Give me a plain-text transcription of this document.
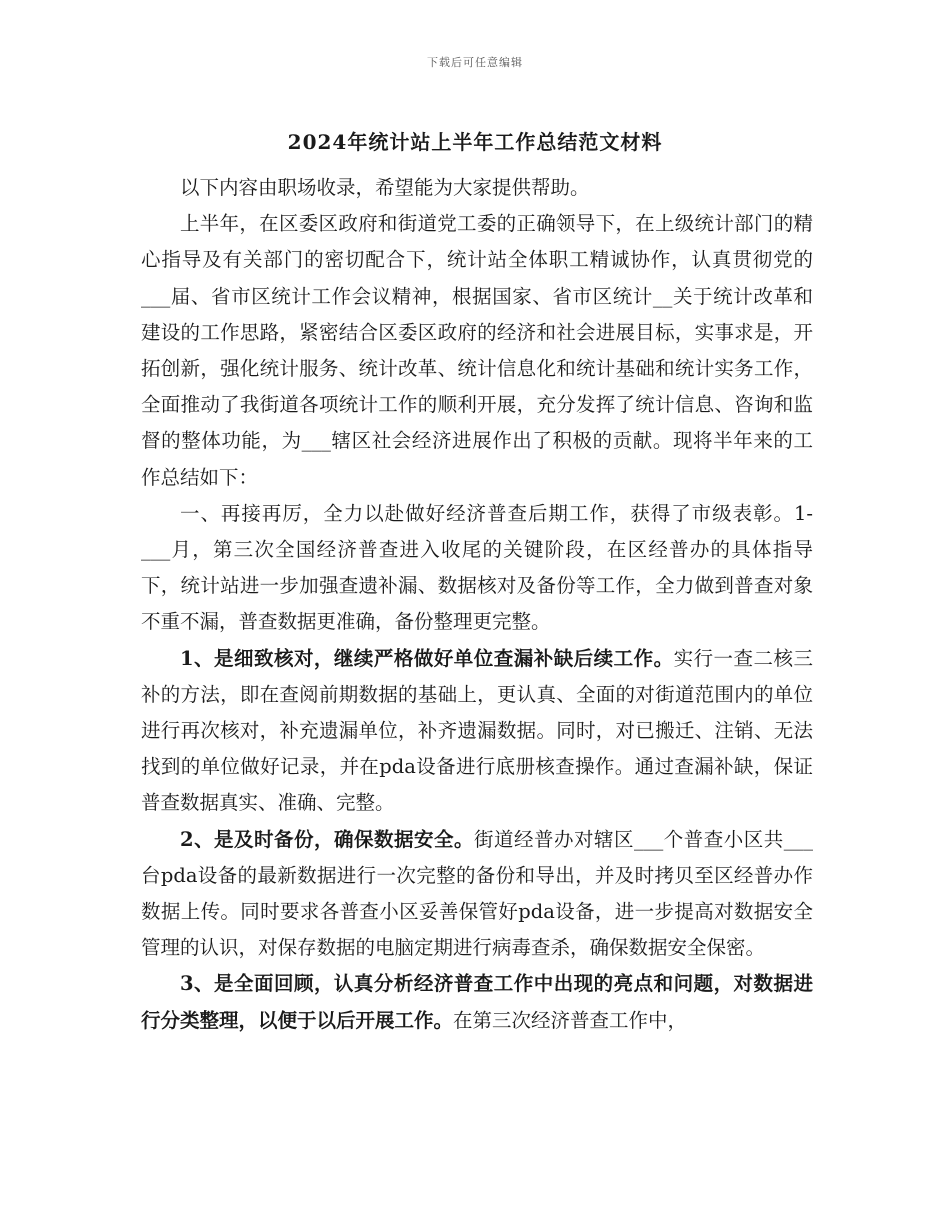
下载后可任意编辑
2024年统计站上半年工作总结范文材料

以下内容由职场收录，希望能为大家提供帮助。

上半年，在区委区政府和街道党工委的正确领导下，在上级统计部门的精心指导及有关部门的密切配合下，统计站全体职工精诚协作，认真贯彻党的___届、省市区统计工作会议精神，根据国家、省市区统计__关于统计改革和建设的工作思路，紧密结合区委区政府的经济和社会进展目标，实事求是，开拓创新，强化统计服务、统计改革、统计信息化和统计基础和统计实务工作，全面推动了我街道各项统计工作的顺利开展，充分发挥了统计信息、咨询和监督的整体功能，为___辖区社会经济进展作出了积极的贡献。现将半年来的工作总结如下：

一、再接再厉，全力以赴做好经济普查后期工作，获得了市级表彰。1-___月，第三次全国经济普查进入收尾的关键阶段，在区经普办的具体指导下，统计站进一步加强查遗补漏、数据核对及备份等工作，全力做到普查对象不重不漏，普查数据更准确，备份整理更完整。

1、是细致核对，继续严格做好单位查漏补缺后续工作。实行一查二核三补的方法，即在查阅前期数据的基础上，更认真、全面的对街道范围内的单位进行再次核对，补充遗漏单位，补齐遗漏数据。同时，对已搬迁、注销、无法找到的单位做好记录，并在pda设备进行底册核查操作。通过查漏补缺，保证普查数据真实、准确、完整。

2、是及时备份，确保数据安全。街道经普办对辖区___个普查小区共___台pda设备的最新数据进行一次完整的备份和导出，并及时拷贝至区经普办作数据上传。同时要求各普查小区妥善保管好pda设备，进一步提高对数据安全管理的认识，对保存数据的电脑定期进行病毒查杀，确保数据安全保密。

3、是全面回顾，认真分析经济普查工作中出现的亮点和问题，对数据进行分类整理，以便于以后开展工作。在第三次经济普查工作中，
